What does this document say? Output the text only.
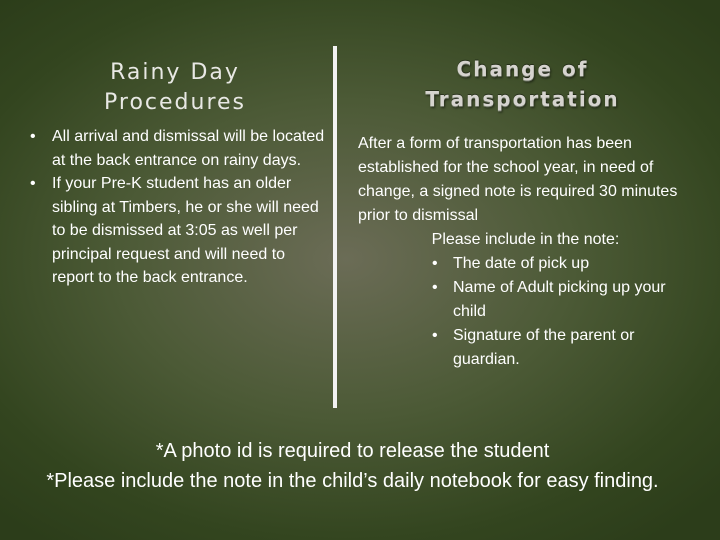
Rainy Day
Procedures
Change of
Transportation
• All arrival and dismissal will be located at the back entrance on rainy days.
• If your Pre-K student has an older sibling at Timbers, he or she will need to be dismissed at 3:05 as well per principal request and will need to report to the back entrance.

After a form of transportation has been established for the school year, in need of change, a signed note is required 30 minutes prior to dismissal

Please include in the note:

• The date of pick up
• Name of Adult picking up your child
• Signature of the parent or guardian.
*A photo id is required to release the student
*Please include the note in the child’s daily notebook for easy finding.
